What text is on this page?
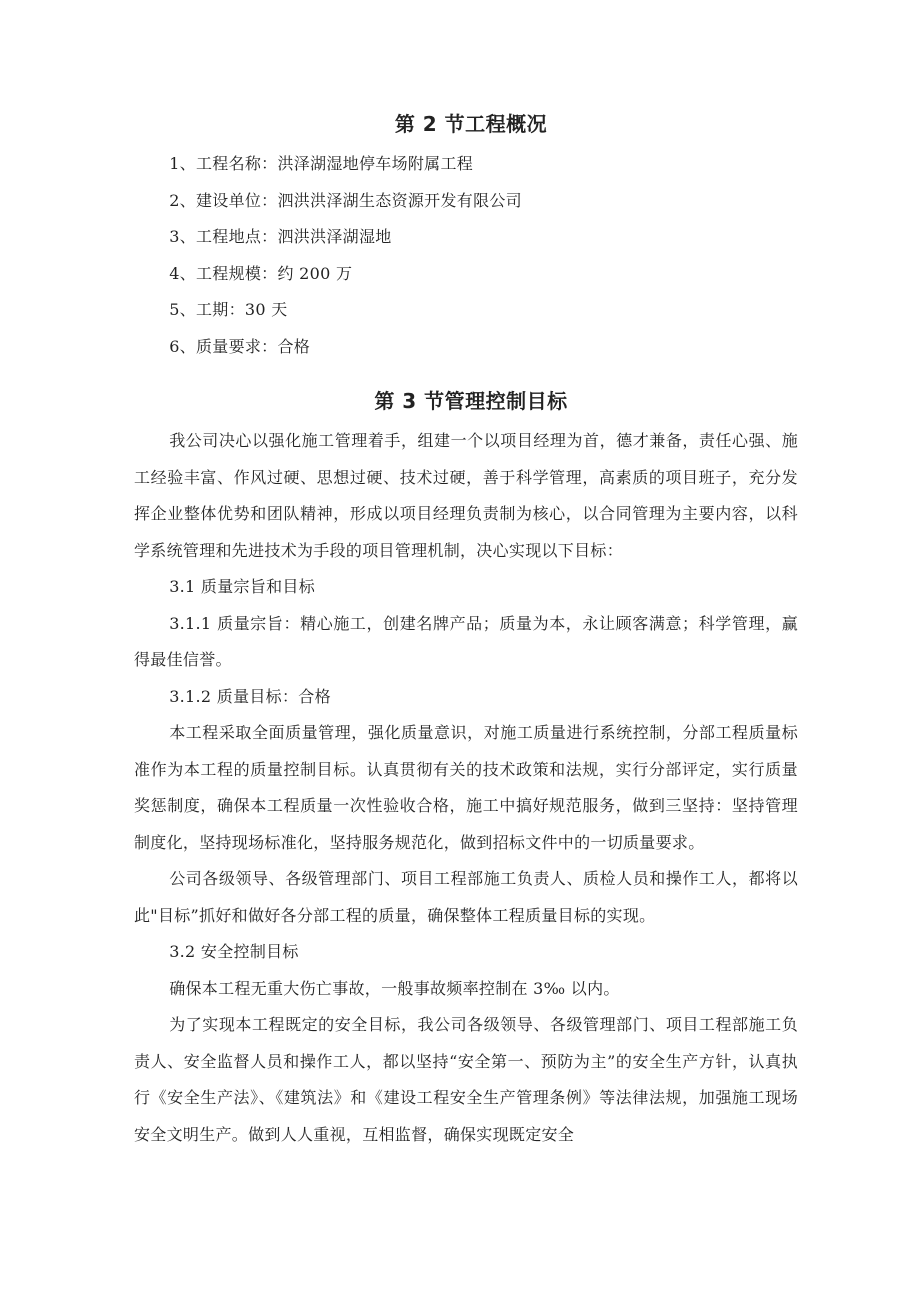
第 2 节工程概况

1、工程名称：洪泽湖湿地停车场附属工程

2、建设单位：泗洪洪泽湖生态资源开发有限公司

3、工程地点：泗洪洪泽湖湿地

4、工程规模：约 200 万

5、工期：30 天

6、质量要求：合格

第 3 节管理控制目标

我公司决心以强化施工管理着手，组建一个以项目经理为首，德才兼备，责任心强、施工经验丰富、作风过硬、思想过硬、技术过硬，善于科学管理，高素质的项目班子，充分发挥企业整体优势和团队精神，形成以项目经理负责制为核心，以合同管理为主要内容，以科学系统管理和先进技术为手段的项目管理机制，决心实现以下目标：

3.1 质量宗旨和目标

3.1.1 质量宗旨：精心施工，创建名牌产品；质量为本，永让顾客满意；科学管理，赢得最佳信誉。

3.1.2 质量目标：合格

本工程采取全面质量管理，强化质量意识，对施工质量进行系统控制，分部工程质量标准作为本工程的质量控制目标。认真贯彻有关的技术政策和法规，实行分部评定，实行质量奖惩制度，确保本工程质量一次性验收合格，施工中搞好规范服务，做到三坚持：坚持管理制度化，坚持现场标准化，坚持服务规范化，做到招标文件中的一切质量要求。

公司各级领导、各级管理部门、项目工程部施工负责人、质检人员和操作工人，都将以此"目标”抓好和做好各分部工程的质量，确保整体工程质量目标的实现。

3.2 安全控制目标

确保本工程无重大伤亡事故，一般事故频率控制在 3‰ 以内。

为了实现本工程既定的安全目标，我公司各级领导、各级管理部门、项目工程部施工负责人、安全监督人员和操作工人，都以坚持“安全第一、预防为主”的安全生产方针，认真执行《安全生产法》、《建筑法》和《建设工程安全生产管理条例》等法律法规，加强施工现场安全文明生产。做到人人重视，互相监督，确保实现既定安全
